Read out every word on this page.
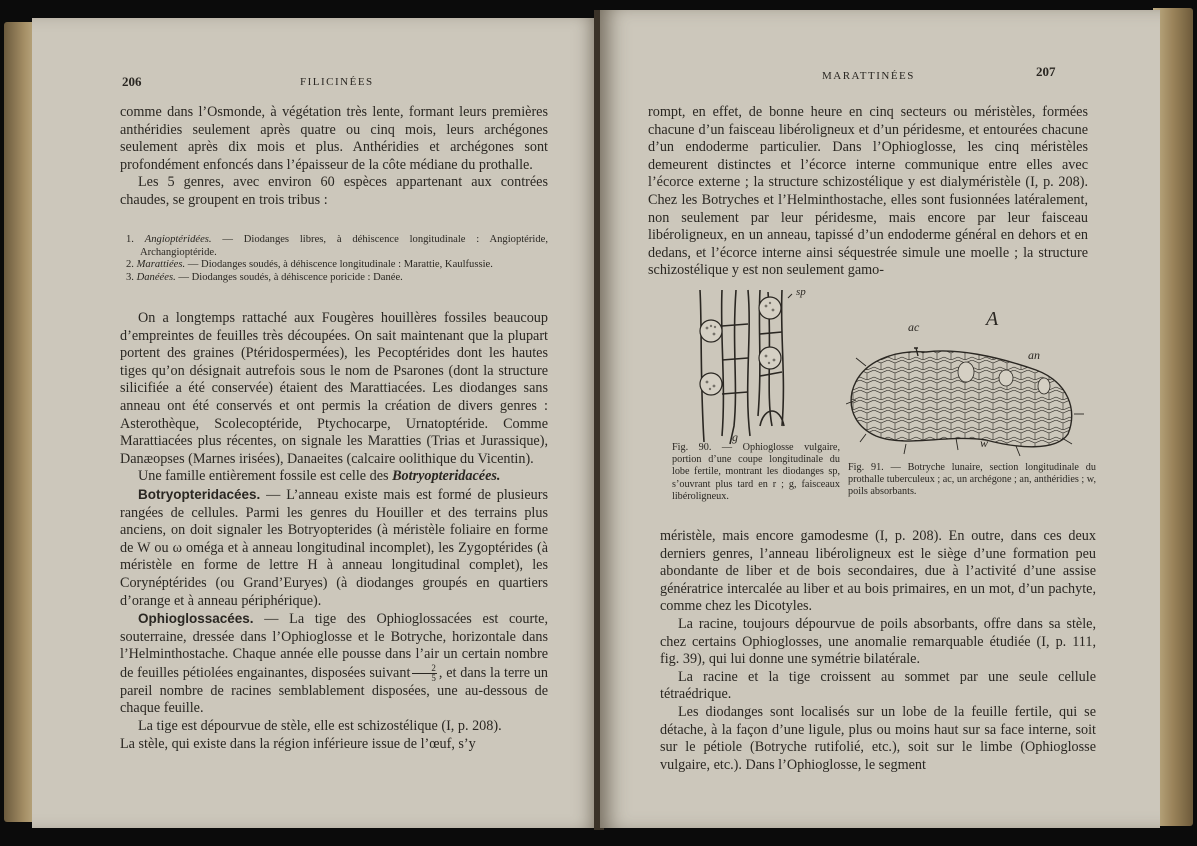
206	FILICINÉES

comme dans l’Osmonde, à végétation très lente, formant leurs premières anthéridies seulement après quatre ou cinq mois, leurs archégones seulement après dix mois et plus. Anthéridies et archégones sont profondément enfoncés dans l’épaisseur de la côte médiane du prothalle.

Les 5 genres, avec environ 60 espèces appartenant aux contrées chaudes, se groupent en trois tribus :

1. Angioptéridées. — Diodanges libres, à déhiscence longitudinale : Angioptéride, Archangioptéride.

2. Marattiées. — Diodanges soudés, à déhiscence longitudinale : Marattie, Kaulfussie.

3. Danéées. — Diodanges soudés, à déhiscence poricide : Danée.

On a longtemps rattaché aux Fougères houillères fossiles beaucoup d’empreintes de feuilles très découpées. On sait maintenant que la plupart portent des graines (Ptéridospermées), les Pecoptérides dont les hautes tiges qu’on désignait autrefois sous le nom de Psarones (dont la structure silicifiée a été conservée) étaient des Marattiacées. Les diodanges sans anneau ont été conservés et ont permis la création de divers genres : Asterothèque, Scolecoptéride, Ptychocarpe, Urnatoptéride. Comme Marattiacées plus récentes, on signale les Maratties (Trias et Jurassique), Danæopses (Marnes irisées), Danaeites (calcaire oolithique du Vicentin).

Une famille entièrement fossile est celle des Botryopteridacées.

Botryopteridacées. — L’anneau existe mais est formé de plusieurs rangées de cellules. Parmi les genres du Houiller et des terrains plus anciens, on doit signaler les Botryopterides (à méristèle foliaire en forme de W ou ω oméga et à anneau longitudinal incomplet), les Zygoptérides (à méristèle en forme de lettre H à anneau longitudinal complet), les Corynéptérides (ou Grand’Euryes) (à diodanges groupés en quartiers d’orange et à anneau périphérique).

Ophioglossacées. — La tige des Ophioglossacées est courte, souterraine, dressée dans l’Ophioglosse et le Botryche, horizontale dans l’Helminthostache. Chaque année elle pousse dans l’air un certain nombre de feuilles pétiolées engainantes, disposées suivant $\frac{2}{5}$ , et dans la terre un pareil nombre de racines semblablement disposées, une au-dessous de chaque feuille.

La tige est dépourvue de stèle, elle est schizostélique (I, p. 208).

La stèle, qui existe dans la région inférieure issue de l’œuf, s’y

MARATTINÉES	207

rompt, en effet, de bonne heure en cinq secteurs ou méristèles, formées chacune d’un faisceau libéroligneux et d’un péridesme, et entourées chacune d’un endoderme particulier. Dans l’Ophioglosse, les cinq méristèles demeurent distinctes et l’écorce interne communique entre elles avec l’écorce externe ; la structure schizostélique y est dialyméristèle (I, p. 208). Chez les Botryches et l’Helminthostache, elles sont fusionnées latéralement, non seulement par leur péridesme, mais encore par leur faisceau libéroligneux, en un anneau, tapissé d’un endoderme général en dehors et en dedans, et l’écorce interne ainsi séquestrée simule une moelle ; la structure schizostélique y est non seulement gamo-

sp
g
Fig. 90. — Ophioglosse vulgaire, portion d’une coupe longitudinale du lobe fertile, montrant les diodanges sp, s’ouvrant plus tard en r ; g, faisceaux libéroligneux.
A
ac
an
w
Fig. 91. — Botryche lunaire, section longitudinale du prothalle tuberculeux ; ac, un archégone ; an, anthéridies ; w, poils absorbants.

méristèle, mais encore gamodesme (I, p. 208). En outre, dans ces deux derniers genres, l’anneau libéroligneux est le siège d’une formation peu abondante de liber et de bois secondaires, due à l’activité d’une assise génératrice intercalée au liber et au bois primaires, en un mot, d’un pachyte, comme chez les Dicotyles.

La racine, toujours dépourvue de poils absorbants, offre dans sa stèle, chez certains Ophioglosses, une anomalie remarquable étudiée (I, p. 111, fig. 39), qui lui donne une symétrie bilatérale.

La racine et la tige croissent au sommet par une seule cellule tétraédrique.

Les diodanges sont localisés sur un lobe de la feuille fertile, qui se détache, à la façon d’une ligule, plus ou moins haut sur sa face interne, soit sur le pétiole (Botryche rutifolié, etc.), soit sur le limbe (Ophioglosse vulgaire, etc.). Dans l’Ophioglosse, le segment
